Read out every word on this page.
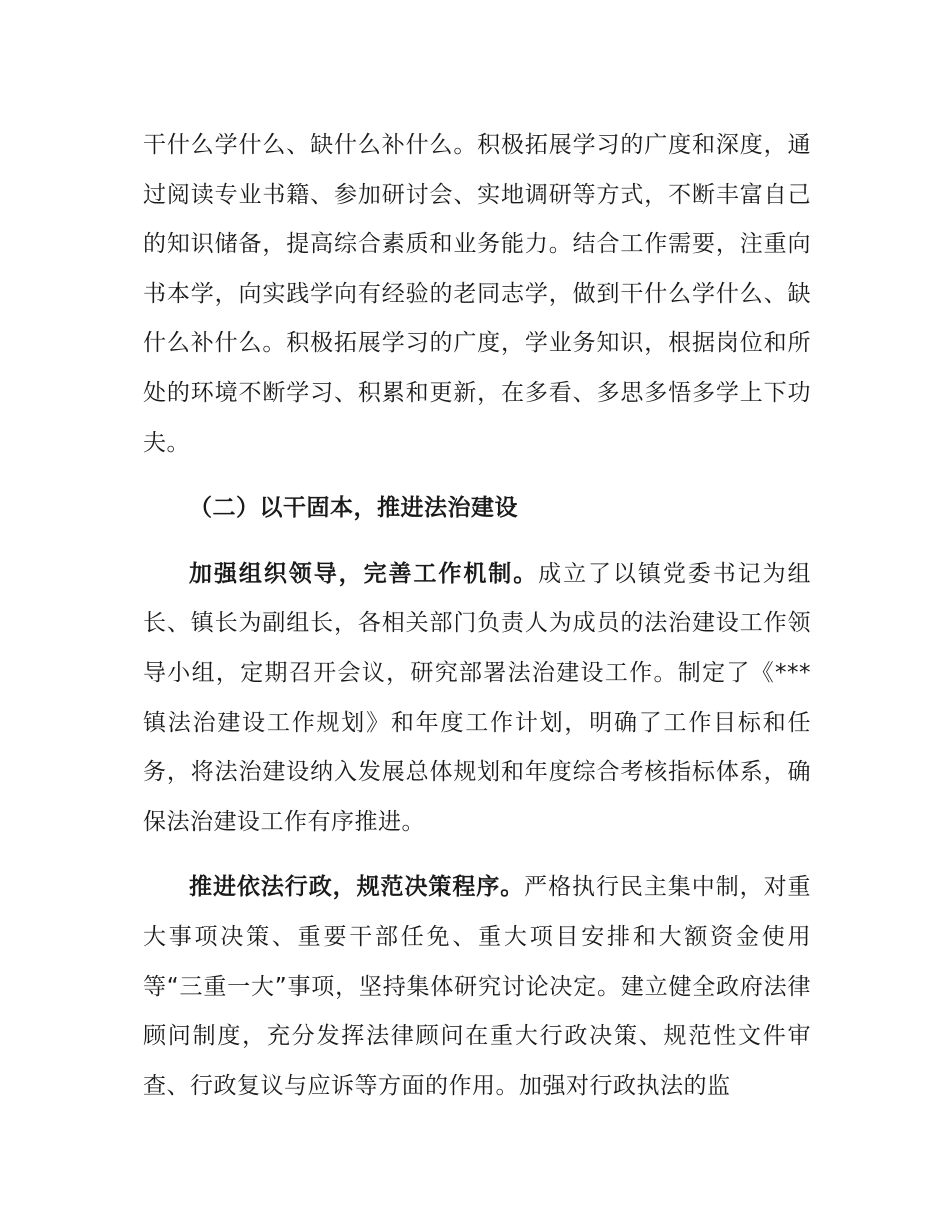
干什么学什么、缺什么补什么。积极拓展学习的广度和深度，通过阅读专业书籍、参加研讨会、实地调研等方式，不断丰富自己的知识储备，提高综合素质和业务能力。结合工作需要，注重向书本学，向实践学向有经验的老同志学，做到干什么学什么、缺什么补什么。积极拓展学习的广度，学业务知识，根据岗位和所处的环境不断学习、积累和更新，在多看、多思多悟多学上下功夫。

（二）以干固本，推进法治建设

加强组织领导，完善工作机制。成立了以镇党委书记为组长、镇长为副组长，各相关部门负责人为成员的法治建设工作领导小组，定期召开会议，研究部署法治建设工作。制定了《***镇法治建设工作规划》和年度工作计划，明确了工作目标和任务，将法治建设纳入发展总体规划和年度综合考核指标体系，确保法治建设工作有序推进。

推进依法行政，规范决策程序。严格执行民主集中制，对重大事项决策、重要干部任免、重大项目安排和大额资金使用等“三重一大”事项，坚持集体研究讨论决定。建立健全政府法律顾问制度，充分发挥法律顾问在重大行政决策、规范性文件审查、行政复议与应诉等方面的作用。加强对行政执法的监
